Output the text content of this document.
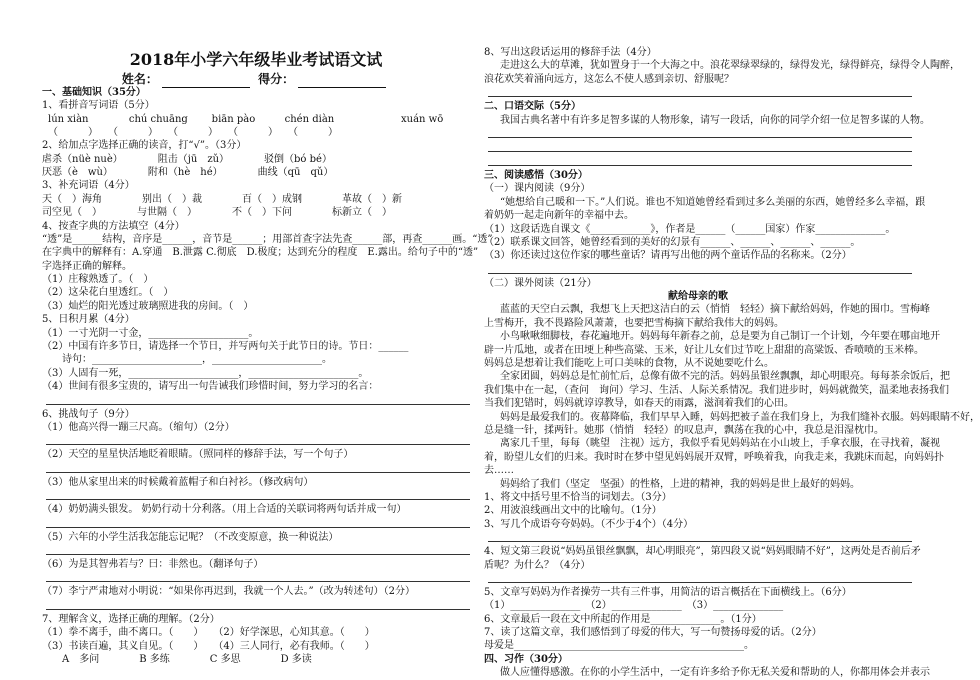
2018年小学六年级毕业考试语文试
姓名：	得分：

一、基础知识（35分）

1、看拼音写词语（5分）

lún xiàn	chú chuāng	biān pào	chén diàn	xuán wō

（　　　）　　（　　　）　　（　　　）　　（　　　）　　（　　　）

2、给加点字选择正确的读音，打“√”。（3分）

虐杀（nüè nuè）　　　　阻击（jū　zǔ）　　　　驳倒（bó bé）

厌恶（è　wù）　　　　附和（hè　hé）　　　　曲线（qū　qǔ）

3、补充词语（4分）

天（　）海角　　　　别出（　）裁　　　　百（　）成钢　　　　革故（　）新

司空见（　）　　　　与世隔（　）　　　　不（　）下问　　　　标新立（　）

4、按查字典的方法填空（4分）

“透”是______结构，音序是______，音节是______；用部首查字法先查______部，再查______画。“透”

在字典中的解释有：A.穿通　B.泄露 C.彻底　D.极度；达到充分的程度　E.露出。给句子中的“透”

字选择正确的解释。

（1）庄稼熟透了。（　）

（2）这朵花白里透红。（　）

（3）灿烂的阳光透过玻璃照进我的房间。（　）

5、日积月累（4分）

（1）一寸光阴一寸金，____________________。

（2）中国有许多节日，请选择一个节日，并写两句关于此节日的诗。节日：______

　　诗句：______________________，______________________。

（3）人固有一死，______________________，______________________。

（4）世间有很多宝贵的，请写出一句告诫我们珍惜时间，努力学习的名言：

6、挑战句子（9分）

（1）他高兴得一蹦三尺高。（缩句）（2分）

（2）天空的星星快活地眨着眼睛。（照同样的修辞手法，写一个句子）

（3）他从家里出来的时候戴着蓝帽子和白衬衫。（修改病句）

（4）奶奶满头银发。 奶奶行动十分利落。（用上合适的关联词将两句话并成一句）

（5）六年的小学生活我怎能忘记呢？（不改变原意，换一种说法）

（6）为是其智弗若与？曰：非然也。（翻译句子）

（7）李宁严肃地对小明说：“如果你再迟到，我就一个人去。”（改为转述句）（2分）

7、理解含义，选择正确的理解。（2分）

（1）拳不离手，曲不离口。（　　）　　（2）好学深思，心知其意。（　　）

（3）书读百遍，其义自见。（　　）　　（4）三人同行，必有我师。（　　）

　　A　多问　　　　B 多练　　　　C 多思　　　　D 多读

8、写出这段话运用的修辞手法（4分）

走进这么大的草滩，犹如置身于一个大海之中。浪花翠绿翠绿的，绿得发光，绿得鲜亮，绿得令人陶醉，

浪花欢笑着涌向远方，这怎么不使人感到亲切、舒服呢？

二、口语交际（5分）

我国古典名著中有许多足智多谋的人物形象，请写一段话，向你的同学介绍一位足智多谋的人物。

三、阅读感悟（30分）

（一）课内阅读（9分）

“她想给自己暖和一下。”人们说。谁也不知道她曾经看到过多么美丽的东西，她曾经多么幸福，跟

着奶奶一起走向新年的幸福中去。

（1）这段话选自课文《____________》，作者是______（______国家）作家______________。

（2）联系课文回答，她曾经看到的美好的幻景有______、______、______、______。

（3）你还读过这位作家的哪些童话？请再写出他的两个童话作品的名称来。（2分）

（二）课外阅读（21分）

献给母亲的歌

蓝蓝的天空白云飘，我想飞上天把这洁白的云（悄悄　轻轻）摘下献给妈妈，作她的围巾。雪梅峰

上雪梅开，我不畏路险风萧萧，也要把雪梅摘下献给我伟大的妈妈。

小鸟啾啾细脚枝，春花遍地开。妈妈每年新春之前，总是要为自己制订一个计划，今年要在哪亩地开

辟一片瓜地，或者在田埂上种些高粱、玉米，好让儿女们过节吃上甜甜的高粱饭、香喷喷的玉米棒。

妈妈总是想着让我们能吃上可口美味的食物，从不说她要吃什么。

全家团圆，妈妈总是忙前忙后，总像有做不完的活。妈妈虽银丝飘飘，却心明眼亮。每每茶余饭后，把

我们集中在一起，（查问　询问）学习、生活、人际关系情况。我们进步时，妈妈就微笑，温柔地表扬我们

当我们犯错时，妈妈就谆谆教导，如春天的雨露，滋润着我们的心田。

妈妈是最爱我们的。夜幕降临，我们早早入睡，妈妈把被子盖在我们身上，为我们缝补衣服。妈妈眼睛不好，

总是缝一针，揉两针。她那（悄悄　轻轻）的叹息声，飘荡在我的心中，我总是泪湿枕巾。

离家几千里，每每（眺望　注视）远方，我似乎看见妈妈站在小山坡上，手拿衣服，在寻找着，凝视

着，盼望儿女们的归来。我时时在梦中望见妈妈展开双臂，呼唤着我，向我走来，我跳床而起，向妈妈扑

去……

妈妈给了我们（坚定　坚强）的性格，上进的精神，我的妈妈是世上最好的妈妈。

1、将文中括号里不恰当的词划去。（3分）

2、用波浪线画出文中的比喻句。（1分）

3、写几个成语夸夸妈妈。（不少于4个）（4分）

4、短文第三段说“妈妈虽银丝飘飘，却心明眼亮”，第四段又说“妈妈眼睛不好”，这两处是否前后矛

盾呢？为什么？（4分）

5、文章写妈妈为作者操劳一共有三件事，用简洁的语言概括在下面横线上。（6分）

（1）______________　（2）______________　（3）______________

6、文章最后一段在文中所起的作用是______________。（1分）

7、读了这篇文章，我们感悟到了母爱的伟大，写一句赞扬母爱的话。（2分）

母爱是______________________________________________。

四、习作（30分）

做人应懂得感激。在你的小学生活中，一定有许多给予你无私关爱和帮助的人，你都用体会并表示
